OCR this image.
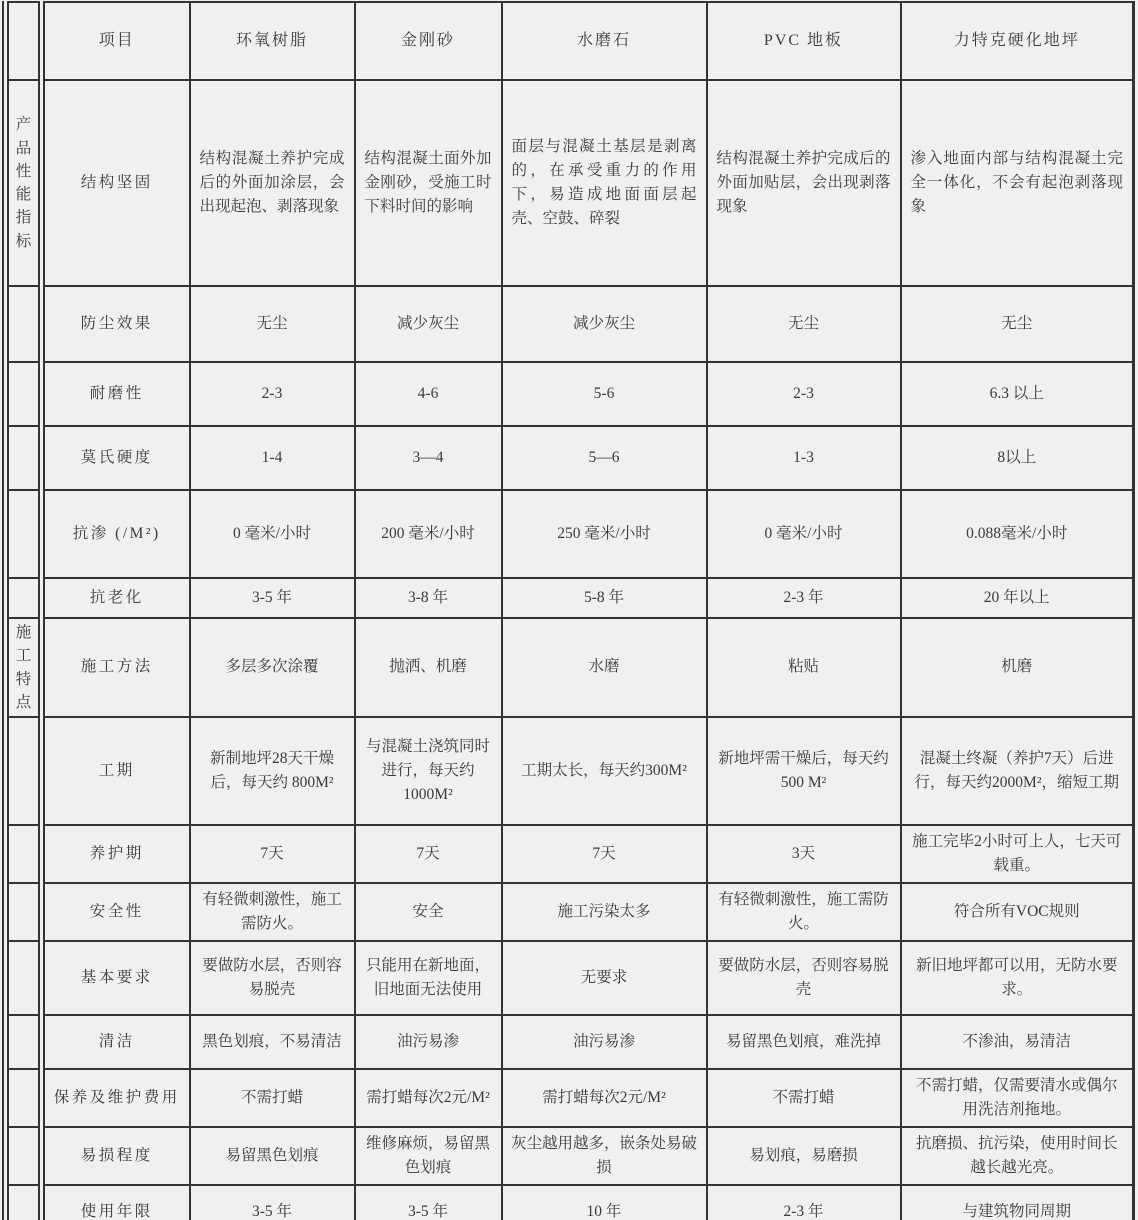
	项目	环氧树脂	金刚砂	水磨石	PVC 地板	力特克硬化地坪

产品性能指标	结构坚固	结构混凝土养护完成后的外面加涂层，会出现起泡、剥落现象	结构混凝土面外加金刚砂，受施工时下料时间的影响	面层与混凝土基层是剥离的，在承受重力的作用下，易造成地面面层起壳、空鼓、碎裂	结构混凝土养护完成后的外面加贴层，会出现剥落现象	渗入地面内部与结构混凝土完全一体化，不会有起泡剥落现象
	防尘效果	无尘	减少灰尘	减少灰尘	无尘	无尘
	耐磨性	2-3	4-6	5-6	2-3	6.3 以上
	莫氏硬度	1-4	3—4	5—6	1-3	8以上
	抗渗 (/M²)	0 毫米/小时	200 毫米/小时	250 毫米/小时	0 毫米/小时	0.088毫米/小时
	抗老化	3-5 年	3-8 年	5-8 年	2-3 年	20 年以上

施工特点	施工方法	多层多次涂覆	抛洒、机磨	水磨	粘贴	机磨
	工期	新制地坪28天干燥后，每天约 800M²	与混凝土浇筑同时进行，每天约1000M²	工期太长，每天约300M²	新地坪需干燥后，每天约500 M²	混凝土终凝（养护7天）后进行，每天约2000M²，缩短工期
	养护期	7天	7天	7天	3天	施工完毕2小时可上人，七天可载重。
	安全性	有轻微刺激性，施工需防火。	安全	施工污染太多	有轻微刺激性，施工需防火。	符合所有VOC规则
	基本要求	要做防水层，否则容易脱壳	只能用在新地面，旧地面无法使用	无要求	要做防水层，否则容易脱壳	新旧地坪都可以用，无防水要求。
	清洁	黑色划痕，不易清洁	油污易渗	油污易渗	易留黑色划痕，难洗掉	不渗油，易清洁
	保养及维护费用	不需打蜡	需打蜡每次2元/M²	需打蜡每次2元/M²	不需打蜡	不需打蜡，仅需要清水或偶尔用洗洁剂拖地。
	易损程度	易留黑色划痕	维修麻烦，易留黑色划痕	灰尘越用越多，嵌条处易破损	易划痕，易磨损	抗磨损、抗污染，使用时间长越长越光亮。
	使用年限	3-5 年	3-5 年	10 年	2-3 年	与建筑物同周期
